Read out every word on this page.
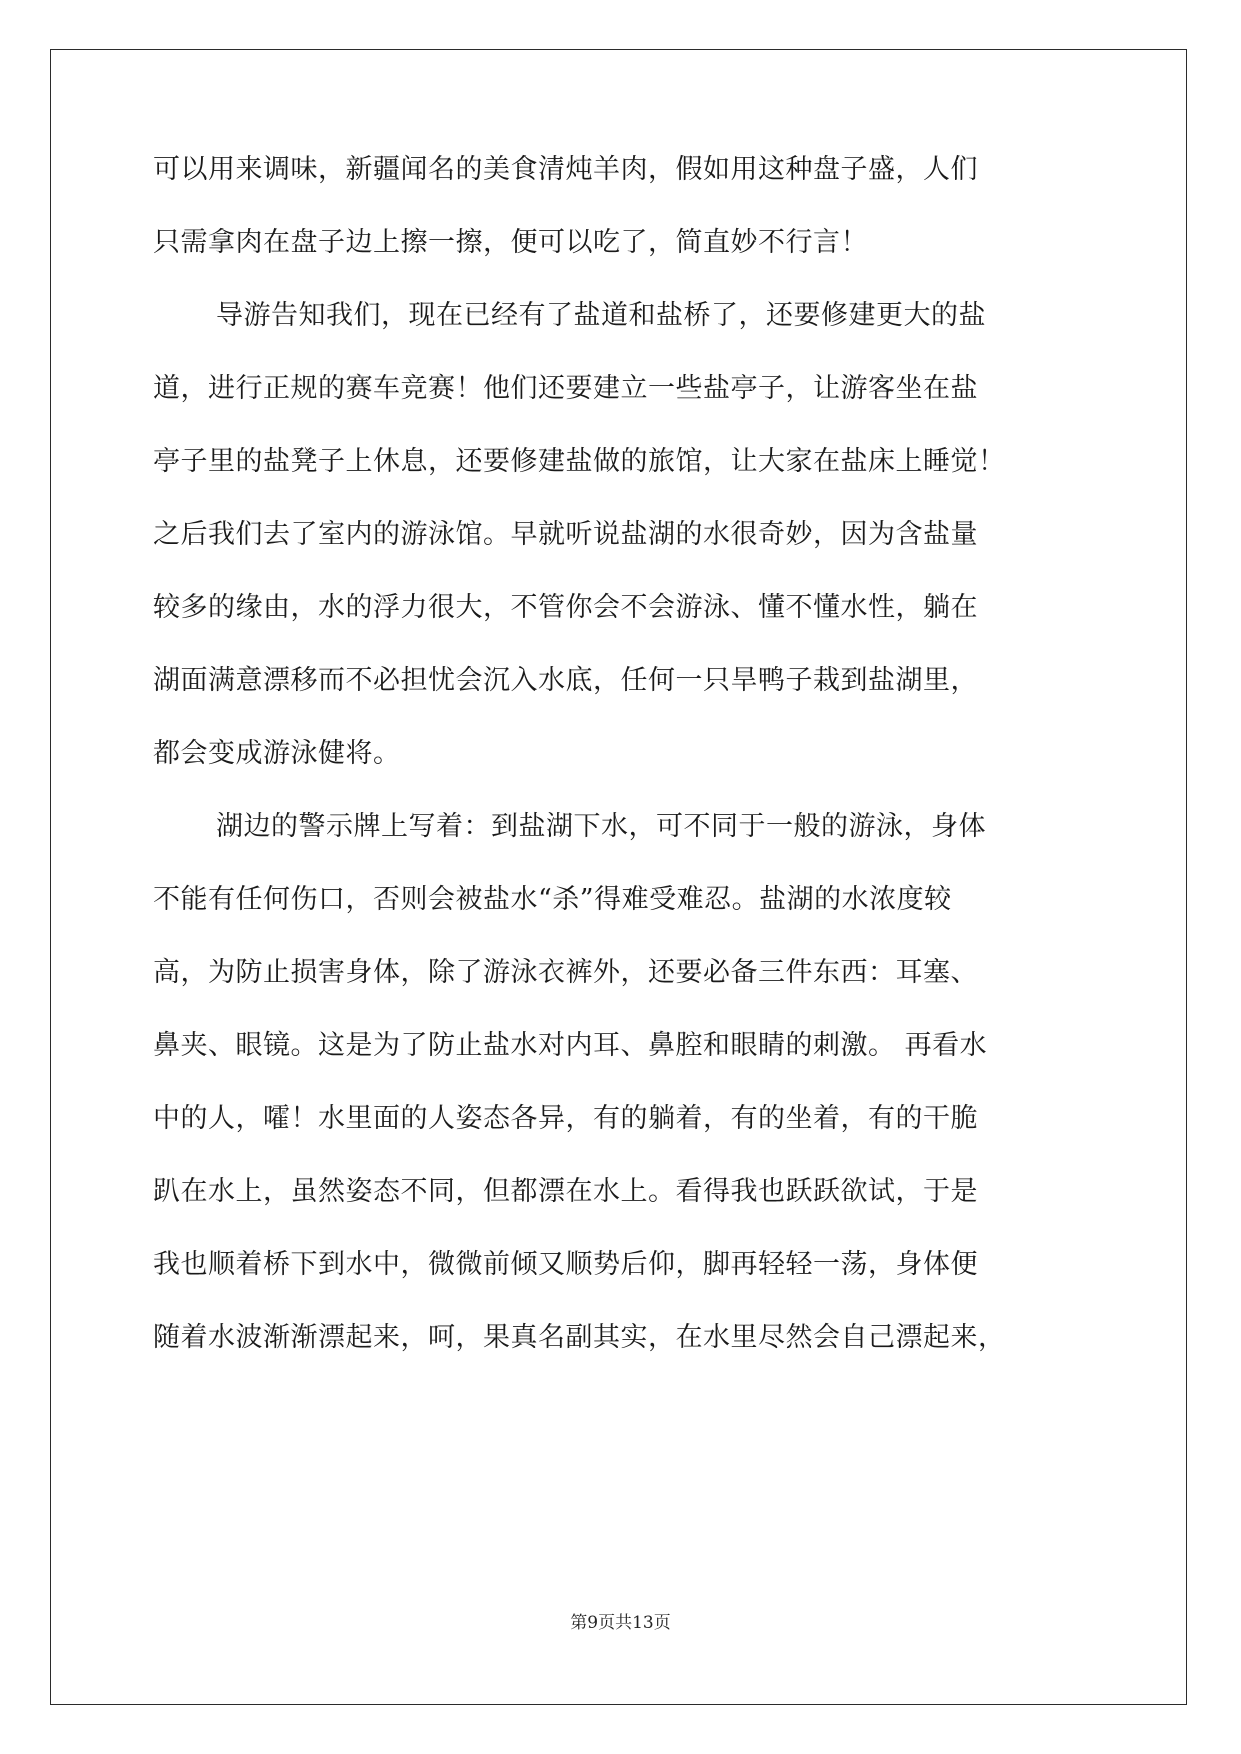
可以用来调味，新疆闻名的美食清炖羊肉，假如用这种盘子盛，人们
只需拿肉在盘子边上擦一擦，便可以吃了，简直妙不行言！
导游告知我们，现在已经有了盐道和盐桥了，还要修建更大的盐
道，进行正规的赛车竞赛！他们还要建立一些盐亭子，让游客坐在盐
亭子里的盐凳子上休息，还要修建盐做的旅馆，让大家在盐床上睡觉！
之后我们去了室内的游泳馆。早就听说盐湖的水很奇妙，因为含盐量
较多的缘由，水的浮力很大，不管你会不会游泳、懂不懂水性，躺在
湖面满意漂移而不必担忧会沉入水底，任何一只旱鸭子栽到盐湖里，
都会变成游泳健将。
湖边的警示牌上写着：到盐湖下水，可不同于一般的游泳，身体
不能有任何伤口，否则会被盐水“杀”得难受难忍。盐湖的水浓度较
高，为防止损害身体，除了游泳衣裤外，还要必备三件东西：耳塞、
鼻夹、眼镜。这是为了防止盐水对内耳、鼻腔和眼睛的刺激。 再看水
中的人，嚯！水里面的人姿态各异，有的躺着，有的坐着，有的干脆
趴在水上，虽然姿态不同，但都漂在水上。看得我也跃跃欲试，于是
我也顺着桥下到水中，微微前倾又顺势后仰，脚再轻轻一荡，身体便
随着水波渐渐漂起来，呵，果真名副其实，在水里尽然会自己漂起来，
第9页共13页
